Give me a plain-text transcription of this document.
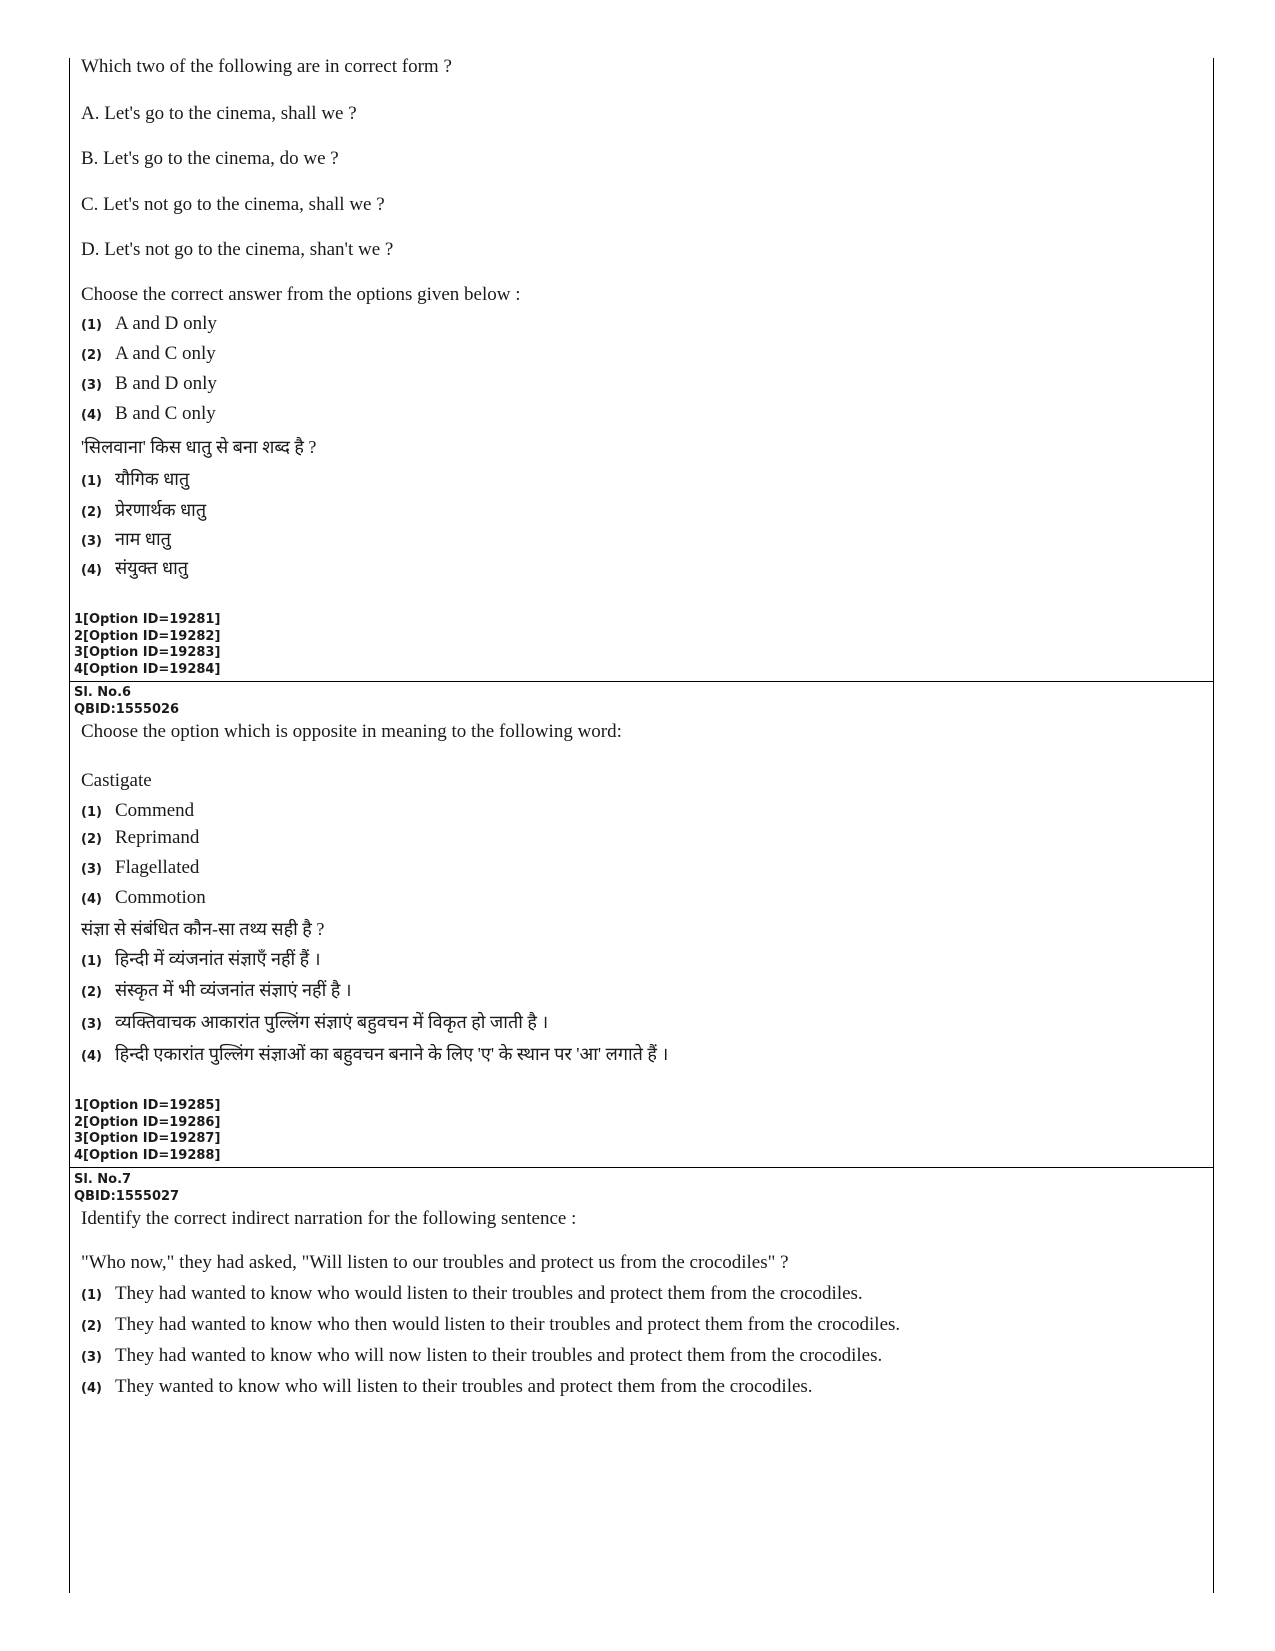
Which two of the following are in correct form ?
A. Let's go to the cinema, shall we ?
B. Let's go to the cinema, do we ?
C. Let's not go to the cinema, shall we ?
D. Let's not go to the cinema, shan't we ?
Choose the correct answer from the options given below :
(1) A and D only
(2) A and C only
(3) B and D only
(4) B and C only
'सिलवाना' किस धातु से बना शब्द है ?
(1) यौगिक धातु
(2) प्रेरणार्थक धातु
(3) नाम धातु
(4) संयुक्त धातु
1[Option ID=19281]
2[Option ID=19282]
3[Option ID=19283]
4[Option ID=19284]
Sl. No.6
QBID:1555026
Choose the option which is opposite in meaning to the following word:
Castigate
(1) Commend
(2) Reprimand
(3) Flagellated
(4) Commotion
संज्ञा से संबंधित कौन-सा तथ्य सही है ?
(1) हिन्दी में व्यंजनांत संज्ञाएँ नहीं हैं ।
(2) संस्कृत में भी व्यंजनांत संज्ञाएं नहीं है ।
(3) व्यक्तिवाचक आकारांत पुल्लिंग संज्ञाएं बहुवचन में विकृत हो जाती है ।
(4) हिन्दी एकारांत पुल्लिंग संज्ञाओं का बहुवचन बनाने के लिए 'ए' के स्थान पर 'आ' लगाते हैं ।
1[Option ID=19285]
2[Option ID=19286]
3[Option ID=19287]
4[Option ID=19288]
Sl. No.7
QBID:1555027
Identify the correct indirect narration for the following sentence :
"Who now," they had asked, "Will listen to our troubles and protect us from the crocodiles" ?
(1) They had wanted to know who would listen to their troubles and protect them from the crocodiles.
(2) They had wanted to know who then would listen to their troubles and protect them from the crocodiles.
(3) They had wanted to know who will now listen to their troubles and protect them from the crocodiles.
(4) They wanted to know who will listen to their troubles and protect them from the crocodiles.
